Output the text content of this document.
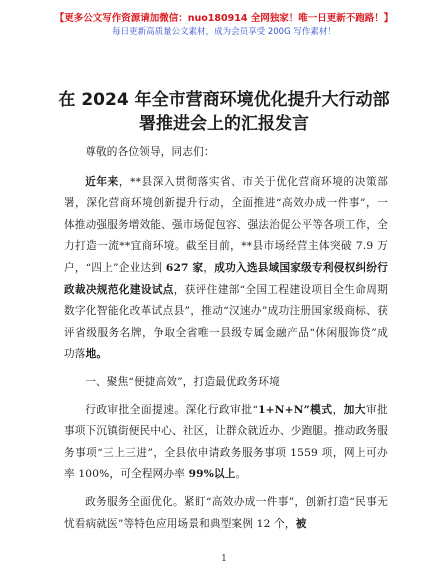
【更多公文写作资源请加微信：nuo180914 全网独家！唯一日更新不跑路！】
每日更新高质量公文素材，成为会员享受 200G 写作素材！
在 2024 年全市营商环境优化提升大行动部署推进会上的汇报发言

尊敬的各位领导，同志们：

近年来，**县深入贯彻落实省、市关于优化营商环境的决策部署，深化营商环境创新提升行动，全面推进“高效办成一件事”，一体推动强服务增效能、强市场促包容、强法治促公平等各项工作，全力打造一流**宜商环境。截至目前，**县市场经营主体突破 7.9 万户，“四上”企业达到 627 家，成功入选县域国家级专利侵权纠纷行政裁决规范化建设试点，获评住建部“全国工程建设项目全生命周期数字化智能化改革试点县”，推动“汉速办”成功注册国家级商标、获评省级服务名牌，争取全省唯一县级专属金融产品“休闲服饰贷”成功落地。

一、聚焦“便捷高效”，打造最优政务环境

行政审批全面提速。深化行政审批“1+N+N”模式，加大审批事项下沉镇街便民中心、社区，让群众就近办、少跑腿。推动政务服务事项“三上三进”，全县依申请政务服务事项 1559 项，网上可办率 100%，可全程网办率 99%以上。

政务服务全面优化。紧盯“高效办成一件事”，创新打造“民事无忧看病就医”等特色应用场景和典型案例 12 个，被

1
